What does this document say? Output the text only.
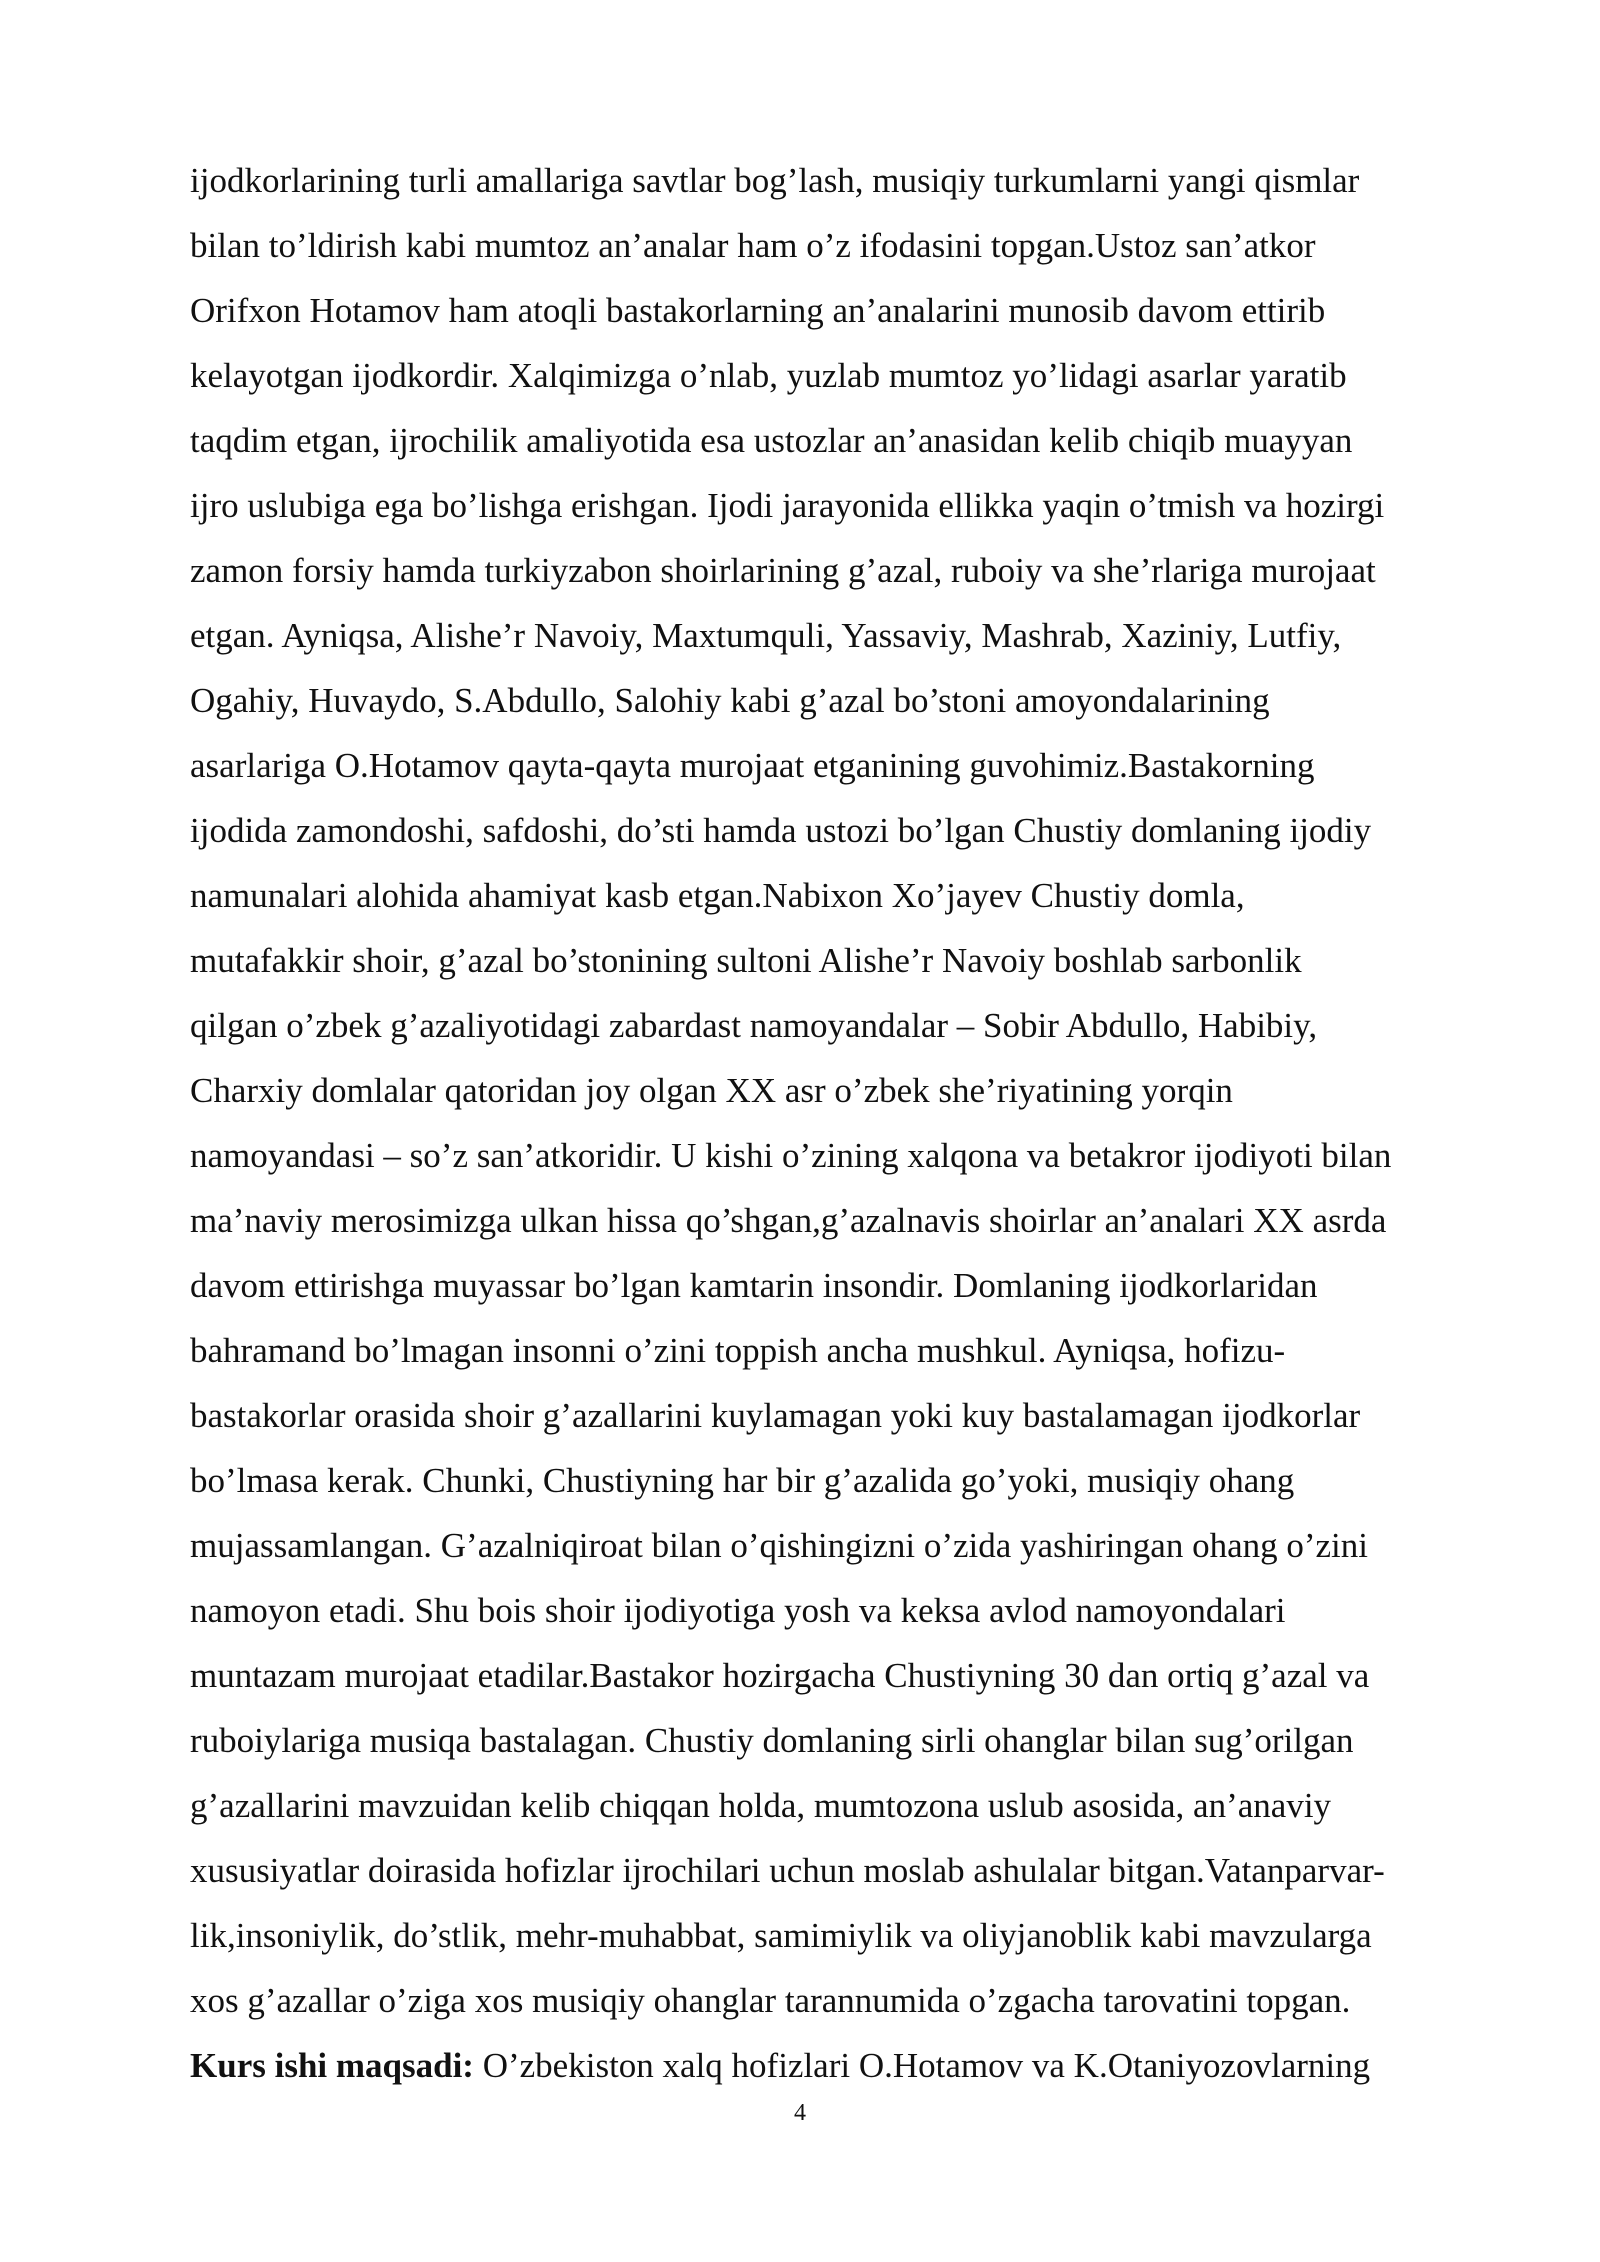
ijodkorlarining turli amallariga savtlar bog’lash, musiqiy turkumlarni yangi qismlar
bilan to’ldirish kabi mumtoz an’analar ham o’z ifodasini topgan.Ustoz san’atkor
Orifxon Hotamov ham atoqli bastakorlarning an’analarini munosib davom ettirib
kelayotgan ijodkordir. Xalqimizga o’nlab, yuzlab mumtoz yo’lidagi asarlar yaratib
taqdim etgan, ijrochilik amaliyotida esa ustozlar an’anasidan kelib chiqib muayyan
ijro uslubiga ega bo’lishga erishgan. Ijodi jarayonida ellikka yaqin o’tmish va hozirgi
zamon forsiy hamda turkiyzabon shoirlarining g’azal, ruboiy va she’rlariga murojaat
etgan. Ayniqsa, Alishe’r Navoiy, Maxtumquli, Yassaviy, Mashrab, Xaziniy, Lutfiy,
Ogahiy, Huvaydo, S.Abdullo, Salohiy kabi g’azal bo’stoni amoyondalarining
asarlariga O.Hotamov qayta-qayta murojaat etganining guvohimiz.Bastakorning
ijodida zamondoshi, safdoshi, do’sti hamda ustozi bo’lgan Chustiy domlaning ijodiy
namunalari alohida ahamiyat kasb etgan.Nabixon Xo’jayev Chustiy domla,
mutafakkir shoir, g’azal bo’stonining sultoni Alishe’r Navoiy boshlab sarbonlik
qilgan o’zbek g’azaliyotidagi zabardast namoyandalar – Sobir Abdullo, Habibiy,
Charxiy domlalar qatoridan joy olgan XX asr o’zbek she’riyatining yorqin
namoyandasi – so’z san’atkoridir. U kishi o’zining xalqona va betakror ijodiyoti bilan
ma’naviy merosimizga ulkan hissa qo’shgan,g’azalnavis shoirlar an’analari XX asrda
davom ettirishga muyassar bo’lgan kamtarin insondir. Domlaning ijodkorlaridan
bahramand bo’lmagan insonni o’zini toppish ancha mushkul. Ayniqsa, hofizu-
bastakorlar orasida shoir g’azallarini kuylamagan yoki kuy bastalamagan ijodkorlar
bo’lmasa kerak. Chunki, Chustiyning har bir g’azalida go’yoki, musiqiy ohang
mujassamlangan. G’azalniqiroat bilan o’qishingizni o’zida yashiringan ohang o’zini
namoyon etadi. Shu bois shoir ijodiyotiga yosh va keksa avlod namoyondalari
muntazam murojaat etadilar.Bastakor hozirgacha Chustiyning 30 dan ortiq g’azal va
ruboiylariga musiqa bastalagan. Chustiy domlaning sirli ohanglar bilan sug’orilgan
g’azallarini mavzuidan kelib chiqqan holda, mumtozona uslub asosida, an’anaviy
xususiyatlar doirasida hofizlar ijrochilari uchun moslab ashulalar bitgan.Vatanparvar-
lik,insoniylik, do’stlik, mehr-muhabbat, samimiylik va oliyjanoblik kabi mavzularga
xos g’azallar o’ziga xos musiqiy ohanglar tarannumida o’zgacha tarovatini topgan.
Kurs ishi maqsadi: O’zbekiston xalq hofizlari O.Hotamov va K.Otaniyozovlarning
4
